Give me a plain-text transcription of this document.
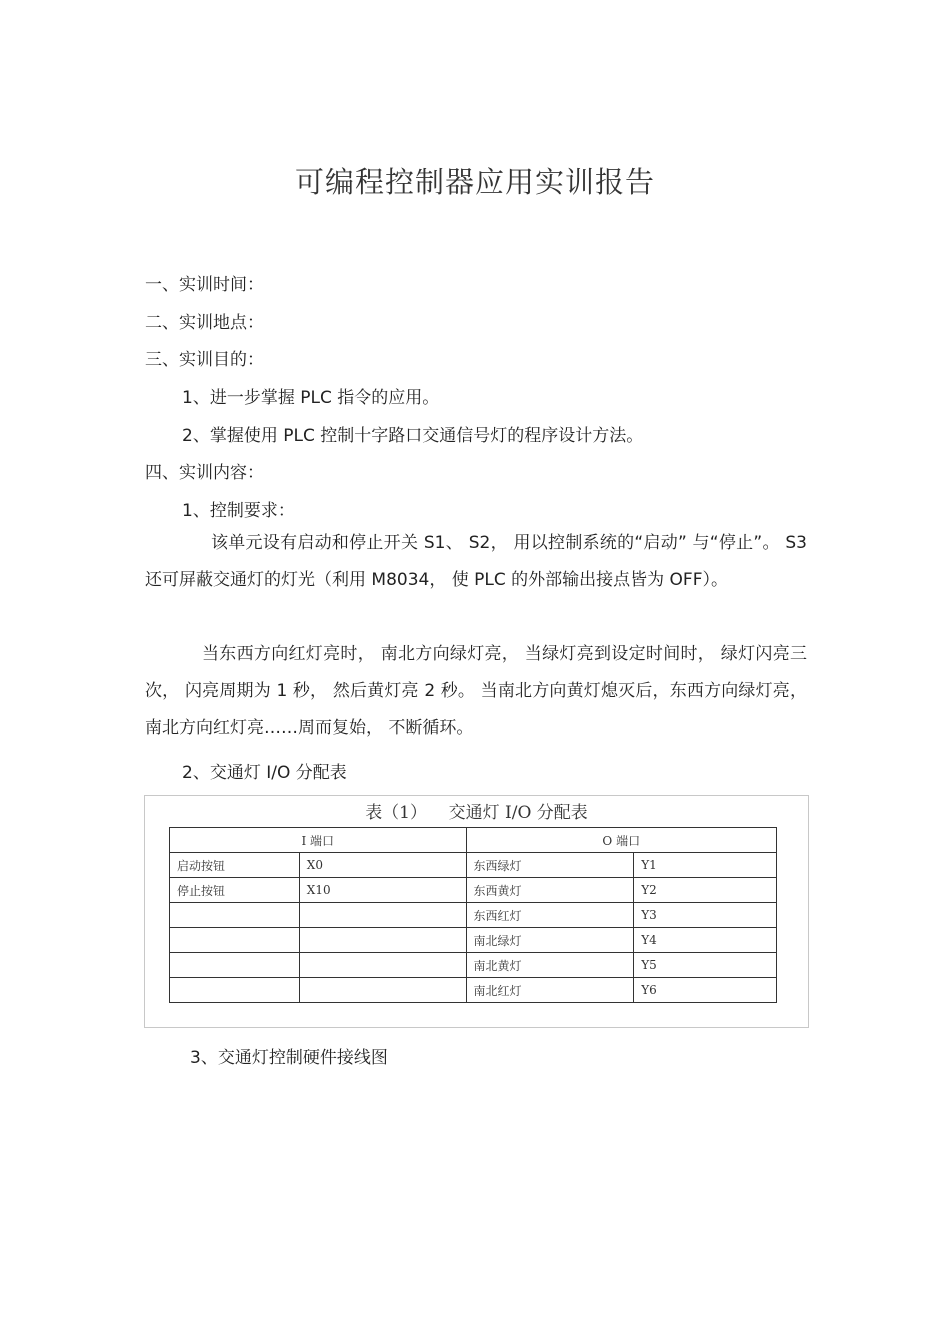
可编程控制器应用实训报告
一、实训时间：
二、实训地点：
三、实训目的：
1、进一步掌握 PLC 指令的应用。
2、掌握使用 PLC 控制十字路口交通信号灯的程序设计方法。
四、实训内容：
1、控制要求：
该单元设有启动和停止开关 S1、 S2， 用以控制系统的“启动” 与“停止”。 S3 还可屏蔽交通灯的灯光（利用 M8034， 使 PLC 的外部输出接点皆为 OFF）。
当东西方向红灯亮时， 南北方向绿灯亮， 当绿灯亮到设定时间时， 绿灯闪亮三次， 闪亮周期为 1 秒， 然后黄灯亮 2 秒。 当南北方向黄灯熄灭后，东西方向绿灯亮， 南北方向红灯亮……周而复始， 不断循环。
2、交通灯 I/O 分配表
表（1）    交通灯 I/O 分配表
I 端口		O 端口	
启动按钮	X0	东西绿灯	Y1
停止按钮	X10	东西黄灯	Y2
		东西红灯	Y3
		南北绿灯	Y4
		南北黄灯	Y5
		南北红灯	Y6
3、交通灯控制硬件接线图
